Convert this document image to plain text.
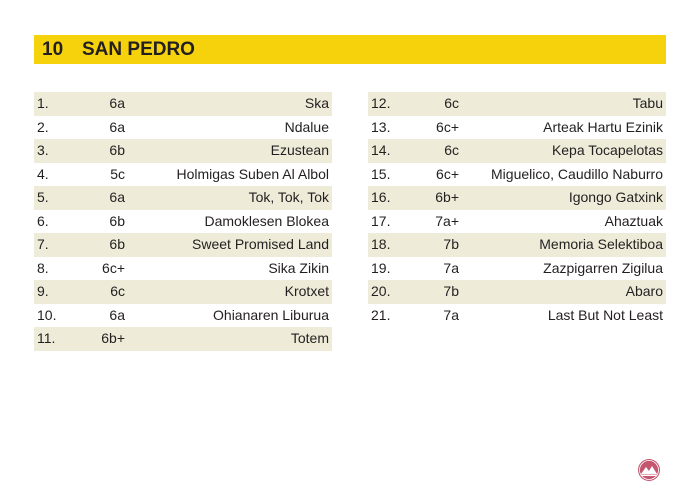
10 SAN PEDRO
1.	6a	Ska
2.	6a	Ndalue
3.	6b	Ezustean
4.	5c	Holmigas Suben Al Albol
5.	6a	Tok, Tok, Tok
6.	6b	Damoklesen Blokea
7.	6b	Sweet Promised Land
8.	6c+	Sika Zikin
9.	6c	Krotxet
10.	6a	Ohianaren Liburua
11.	6b+	Totem
12.	6c	Tabu
13.	6c+	Arteak Hartu Ezinik
14.	6c	Kepa Tocapelotas
15.	6c+	Miguelico, Caudillo Naburro
16.	6b+	Igongo Gatxink
17.	7a+	Ahaztuak
18.	7b	Memoria Selektiboa
19.	7a	Zazpigarren Zigilua
20.	7b	Abaro
21.	7a	Last But Not Least
